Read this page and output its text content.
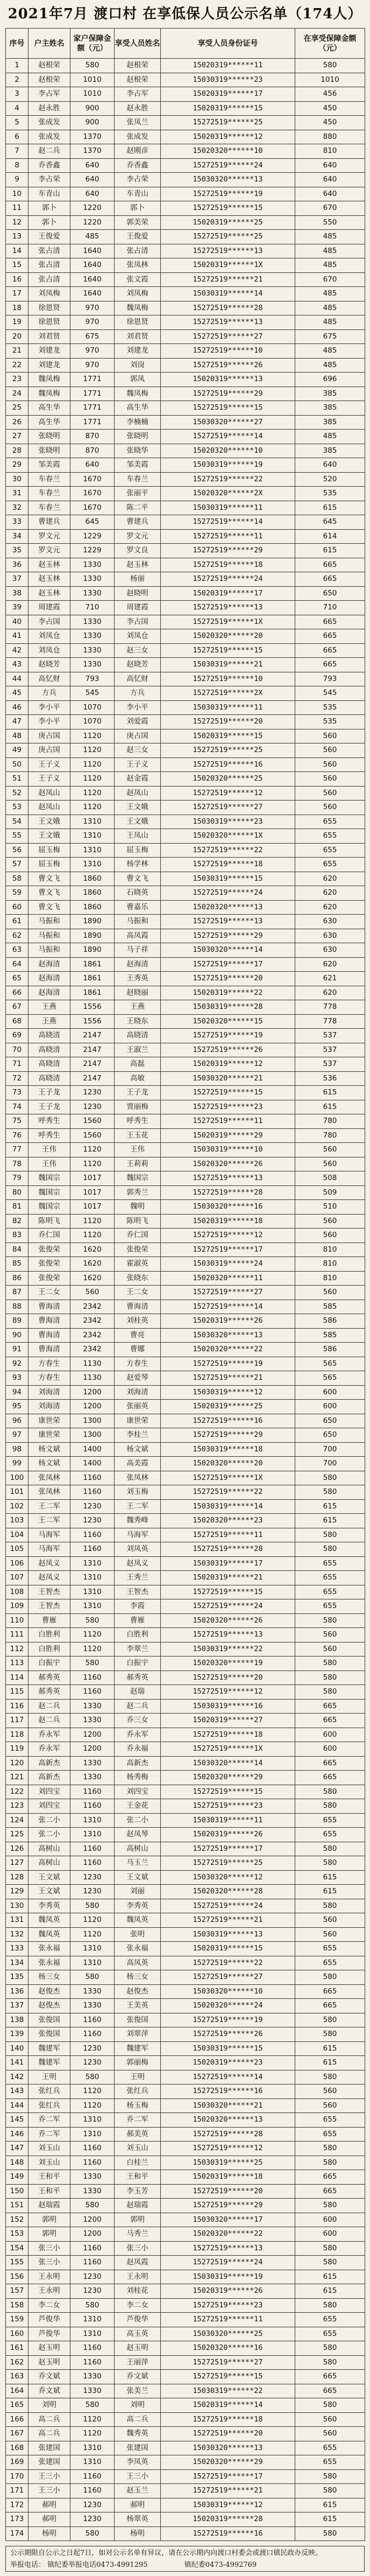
2021年7月 渡口村 在享低保人员公示名单（174人）
序号	户主姓名	家户保障金额（元）	享受人员姓名	享受人员身份证号	在享受保障金额（元）
1	赵根荣	580	赵根荣	15020319******11	580
2	赵根荣	1010	赵根荣	15030319******23	1010
3	李占军	1010	李占军	15020319******17	456
4	赵永胜	900	赵永胜	15020319******15	450
5	张成发	900	张凤兰	15272519******25	450
6	张成发	1370	张成发	15020319******12	880
7	赵二兵	1370	赵刚彦	15020320******10	810
8	乔香鑫	640	乔香鑫	15272519******24	640
9	李占荣	640	李占荣	15030320******13	640
10	车青山	640	车青山	15272519******19	640
11	郭卜	1220	郭卜	15272519******15	670
12	郭卜	1220	郭美荣	15020319******25	550
13	王俊爱	485	王俊爱	15272519******25	485
14	张占清	1640	张占清	15272519******13	485
15	张占清	1640	张凤林	15020319******1X	485
16	张占清	1640	张文霞	15272519******21	670
17	刘凤梅	1640	刘凤梅	15030319******14	485
18	徐恩贤	970	魏凤梅	15272519******28	485
19	徐恩贤	970	徐恩贤	15272519******13	485
20	刘君贤	675	刘君贤	15272519******27	675
21	刘建龙	970	刘建龙	15272519******10	485
22	刘建龙	970	刘岗	15272519******26	485
23	魏凤梅	1771	郭凤	15020319******13	696
24	魏凤梅	1771	魏凤梅	15272519******29	385
25	高生华	1771	高生华	15272519******15	385
26	高生华	1771	李楠楠	15030320******27	385
27	张晓明	870	张晓明	15272519******14	485
28	张晓明	870	张晓华	15020320******10	385
29	邹美霞	640	邹美霞	15030319******19	640
30	车春兰	1670	车春兰	15272519******22	520
31	车春兰	1670	张丽平	15020320******2X	535
32	车春兰	1670	陈二平	15030319******11	615
33	曹建兵	645	曹建兵	15272519******14	645
34	罗文元	1229	罗文元	15272519******11	614
35	罗文元	1229	罗文良	15272519******29	615
36	赵玉林	1330	赵玉林	15272519******18	665
37	赵玉林	1330	杨丽	15272519******24	665
38	赵玉林	1330	赵晓明	15020319******17	650
39	周建霞	710	周建霞	15272519******13	710
40	李占国	1330	李占国	15272519******1X	665
41	刘凤仓	1330	刘凤仓	15020320******20	665
42	刘凤仓	1330	赵三女	15272519******15	665
43	赵晓芳	1330	赵晓芳	15030319******21	665
44	高忆财	793	高忆财	15272519******10	793
45	方兵	545	方兵	15272519******2X	545
46	李小平	1070	李小平	15030319******11	535
47	李小平	1070	刘爱霞	15272519******20	535
48	庚占国	1120	庚占国	15020319******15	560
49	庚占国	1120	赵三女	15272519******25	560
50	王子义	1120	王子义	15272519******16	560
51	王子义	1120	赵金霞	15020320******25	560
52	赵凤山	1120	赵凤山	15272519******12	560
53	赵凤山	1120	王文娥	15272519******27	560
54	王文娥	1310	王文娥	15030319******23	655
55	王文娥	1310	王凤山	15020320******1X	655
56	屈玉梅	1310	屈玉梅	15272519******22	655
57	屈玉梅	1310	杨学林	15272519******18	655
58	曹文飞	1860	曹文飞	15030319******15	620
59	曹文飞	1860	石晓英	15272519******24	620
60	曹文飞	1860	曹嘉乐	15020320******13	620
61	马振和	1890	马振和	15272519******13	630
62	马振和	1890	高凤霞	15272519******29	630
63	马振和	1890	马子祥	15030320******14	630
64	赵海清	1861	赵海清	15272519******17	620
65	赵海清	1861	王秀英	15272519******20	621
66	赵海清	1861	赵晓丽	15020319******22	620
67	王燕	1556	王燕	15030319******28	778
68	王燕	1556	王晓东	15020320******15	778
69	高晓清	2147	高晓清	15272519******19	537
70	高晓清	2147	王淑兰	15272519******26	537
71	高晓清	2147	高磊	15020319******12	537
72	高晓清	2147	高敏	15030320******21	536
73	王子龙	1230	王子龙	15272519******15	615
74	王子龙	1230	贾丽梅	15272519******23	615
75	呼秀生	1560	呼秀生	15272519******11	780
76	呼秀生	1560	王玉花	15020319******29	780
77	王伟	1120	王伟	15030319******10	560
78	王伟	1120	王莉莉	15020320******26	560
79	魏国宗	1017	魏国宗	15272519******13	508
80	魏国宗	1017	郭秀兰	15272519******28	509
81	魏国宗	1017	魏明	15030320******16	510
82	陈明飞	1120	陈明飞	15020319******18	560
83	乔仁国	1120	乔仁国	15272519******12	560
84	张俊荣	1620	张俊荣	15272519******17	810
85	张俊荣	1620	霍淑英	15030319******24	810
86	张俊荣	1620	张晓东	15020320******11	810
87	王二女	560	王二女	15272519******27	560
88	曹海清	2342	曹海清	15272519******14	585
89	曹海清	2342	刘桂英	15020319******26	586
90	曹海清	2342	曹亮	15030320******13	585
91	曹海清	2342	曹娜	15020320******22	586
92	方春生	1130	方春生	15272519******19	565
93	方春生	1130	赵爱琴	15272519******21	565
94	刘海清	1200	刘海清	15030319******12	600
95	刘海清	1200	张丽英	15020319******25	600
96	康世荣	1300	康世荣	15272519******16	650
97	康世荣	1300	李桂兰	15272519******29	650
98	杨文斌	1400	杨文斌	15030319******18	700
99	杨文斌	1400	高美霞	15020320******20	700
100	张凤林	1160	张凤林	15272519******1X	580
101	张凤林	1160	刘玉梅	15272519******22	580
102	王二军	1230	王二军	15030319******14	615
103	王二军	1230	魏秀峰	15020320******23	615
104	马海军	1160	马海军	15272519******11	580
105	马海军	1160	刘凤英	15272519******28	580
106	赵凤义	1310	赵凤义	15030319******17	655
107	赵凤义	1310	王秀兰	15020319******21	655
108	王智杰	1310	王智杰	15272519******15	655
109	王智杰	1310	李霞	15272519******24	655
110	曹雁	580	曹雁	15020320******26	580
111	白胜利	1120	白胜利	15272519******13	560
112	白胜利	1120	李翠兰	15030319******22	560
113	白振宇	580	白振宇	15020320******19	580
114	郝秀英	1160	郝秀英	15272519******20	580
115	郝秀英	1160	赵瑞	15272519******12	580
116	赵二兵	1330	赵二兵	15030319******16	665
117	赵二兵	1330	乔三女	15020319******27	665
118	乔永军	1200	乔永军	15272519******18	600
119	乔永军	1200	乔永福	15272519******1X	600
120	高新杰	1330	高新杰	15030320******14	665
121	高新杰	1330	杨秀梅	15020320******29	665
122	刘四宝	1160	刘四宝	15272519******15	580
123	刘四宝	1160	王金花	15272519******23	580
124	张二小	1310	张二小	15030319******11	655
125	张二小	1310	赵凤琴	15020319******26	655
126	高树山	1160	高树山	15272519******17	580
127	高树山	1160	马玉兰	15272519******25	580
128	王文斌	1230	王文斌	15030320******12	615
129	王文斌	1230	刘丽	15020320******28	615
130	李秀英	580	李秀英	15272519******24	580
131	魏凤英	1120	魏凤英	15272519******21	560
132	魏凤英	1120	张明	15030319******13	560
133	张永福	1310	张永福	15020319******15	655
134	张永福	1310	高凤英	15272519******22	655
135	杨三女	580	杨三女	15272519******27	580
136	赵俊杰	1330	赵俊杰	15030320******10	665
137	赵俊杰	1330	王美英	15020320******24	665
138	张俊国	1160	张俊国	15272519******19	580
139	张俊国	1160	刘翠萍	15272519******26	580
140	魏建军	1230	魏建军	15030319******15	615
141	魏建军	1230	郭丽梅	15020319******23	615
142	王明	580	王明	15272519******14	580
143	张红兵	1120	张红兵	15272519******16	560
144	张红兵	1120	杨玉梅	15030320******21	560
145	乔二军	1310	乔二军	15020320******13	655
146	乔二军	1310	郝美英	15272519******28	655
147	刘玉山	1160	刘玉山	15272519******12	580
148	刘玉山	1160	白桂兰	15030319******25	580
149	王和平	1330	王和平	15020319******18	665
150	王和平	1330	李玉芳	15272519******20	665
151	赵瑞霞	580	赵瑞霞	15272519******29	580
152	郭明	1200	郭明	15030320******17	600
153	郭明	1200	马秀兰	15020320******22	600
154	张三小	1160	张三小	15272519******13	580
155	张三小	1160	赵凤霞	15272519******24	580
156	王永明	1230	王永明	15030319******19	615
157	王永明	1230	刘桂花	15020319******26	615
158	李二女	580	李二女	15272519******23	580
159	芦俊华	1310	芦俊华	15272519******11	655
160	芦俊华	1310	高玉英	15030320******25	655
161	赵玉明	1160	赵玉明	15020320******16	580
162	赵玉明	1160	王丽萍	15272519******27	580
163	乔文斌	1330	乔文斌	15272519******15	665
164	乔文斌	1330	张美兰	15030319******22	665
165	刘明	580	刘明	15020319******14	580
166	高二兵	1120	高二兵	15272519******18	560
167	高二兵	1120	魏秀英	15272519******20	560
168	张建国	1310	张建国	15030320******13	655
169	张建国	1310	李凤英	15020320******29	655
170	王三小	1160	王三小	15272519******17	580
171	王三小	1160	赵玉兰	15272519******21	580
172	郝明	1230	郝明	15030319******12	615
173	郝明	1230	杨翠英	15020319******28	615
174	杨明	580	杨明	15272519******16	580
公示期限自公示之日起7日，如对公示名单有异议，请在公示期内向渡口村委会或渡口镇民政办反映。
举报电话： 镇纪委举报电话0473-4991295	镇纪委0473-4992769
